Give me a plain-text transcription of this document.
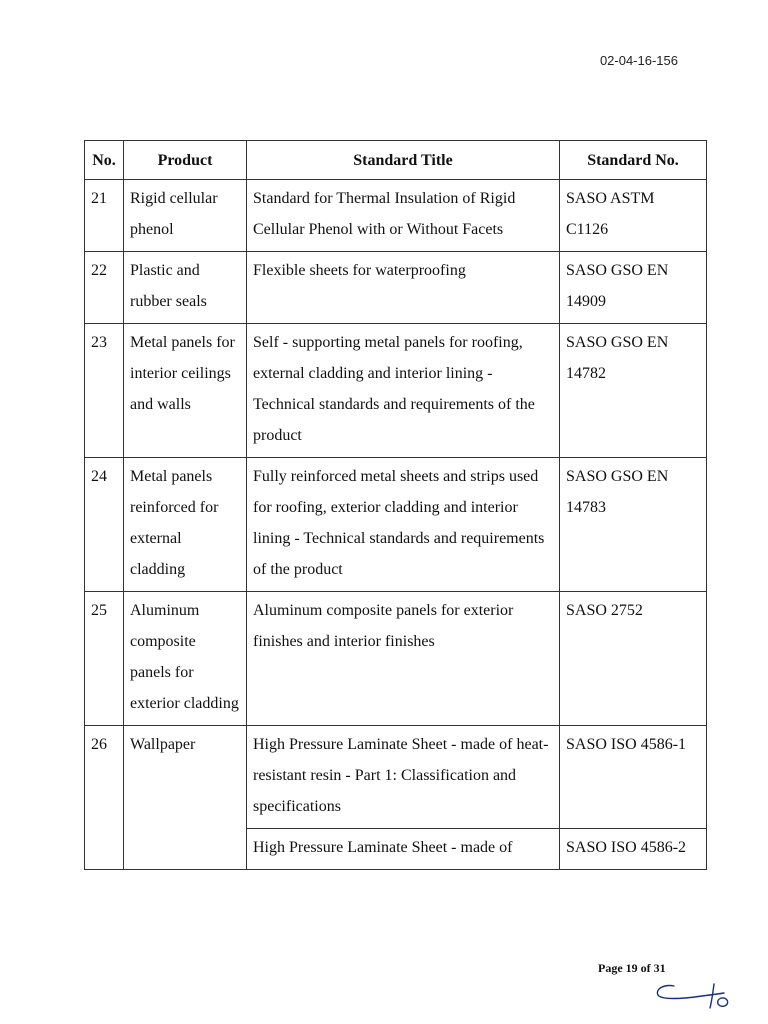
02-04-16-156
No.	Product	Standard Title	Standard No.
21	Rigid cellular phenol	Standard for Thermal Insulation of Rigid Cellular Phenol with or Without Facets	SASO ASTM C1126
22	Plastic and rubber seals	Flexible sheets for waterproofing	SASO GSO EN 14909
23	Metal panels for interior ceilings and walls	Self - supporting metal panels for roofing, external cladding and interior lining - Technical standards and requirements of the product	SASO GSO EN 14782
24	Metal panels reinforced for external cladding	Fully reinforced metal sheets and strips used for roofing, exterior cladding and interior lining - Technical standards and requirements of the product	SASO GSO EN 14783
25	Aluminum composite panels for exterior cladding	Aluminum composite panels for exterior finishes and interior finishes	SASO 2752
26	Wallpaper	High Pressure Laminate Sheet - made of heat-resistant resin - Part 1: Classification and specifications	SASO ISO 4586-1
		High Pressure Laminate Sheet - made of	SASO ISO 4586-2
Page 19 of 31
